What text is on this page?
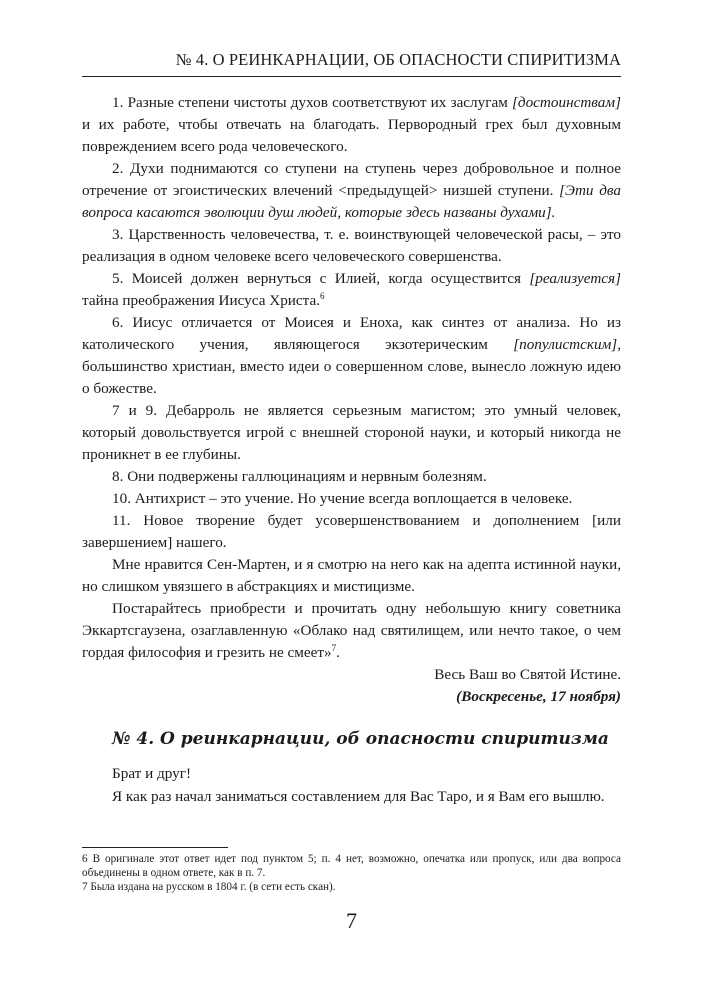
№ 4. О РЕИНКАРНАЦИИ, ОБ ОПАСНОСТИ СПИРИТИЗМА

1. Разные степени чистоты духов соответствуют их заслугам [достоинствам] и их работе, чтобы отвечать на благодать. Первородный грех был духовным повреждением всего рода человеческого.

2. Духи поднимаются со ступени на ступень через добровольное и полное отречение от эгоистических влечений <предыдущей> низшей ступени. [Эти два вопроса касаются эволюции душ людей, которые здесь названы духами].

3. Царственность человечества, т. е. воинствующей человеческой расы, – это реализация в одном человеке всего человеческого совершенства.

5. Моисей должен вернуться с Илией, когда осуществится [реализуется] тайна преображения Иисуса Христа.$^6$

6. Иисус отличается от Моисея и Еноха, как синтез от анализа. Но из католического учения, являющегося экзотерическим [популистским], большинство христиан, вместо идеи о совершенном слове, вынесло ложную идею о божестве.

7 и 9. Дебарроль не является серьезным магистом; это умный человек, который довольствуется игрой с внешней стороной науки, и который никогда не проникнет в ее глубины.

8. Они подвержены галлюцинациям и нервным болезням.

10. Антихрист – это учение. Но учение всегда воплощается в человеке.

11. Новое творение будет усовершенствованием и дополнением [или завершением] нашего.

Мне нравится Сен-Мартен, и я смотрю на него как на адепта истинной науки, но слишком увязшего в абстракциях и мистицизме.

Постарайтесь приобрести и прочитать одну небольшую книгу советника Эккартсгаузена, озаглавленную «Облако над святилищем, или нечто такое, о чем гордая философия и грезить не смеет»$^7$.

Весь Ваш во Святой Истине.

(Воскресенье, 17 ноября)

№ 4. О реинкарнации, об опасности спиритизма

Брат и друг!

Я как раз начал заниматься составлением для Вас Таро, и я Вам его вышлю.

6 В оригинале этот ответ идет под пунктом 5; п. 4 нет, возможно, опечатка или пропуск, или два вопроса объединены в одном ответе, как в п. 7.

7 Была издана на русском в 1804 г. (в сети есть скан).

7
